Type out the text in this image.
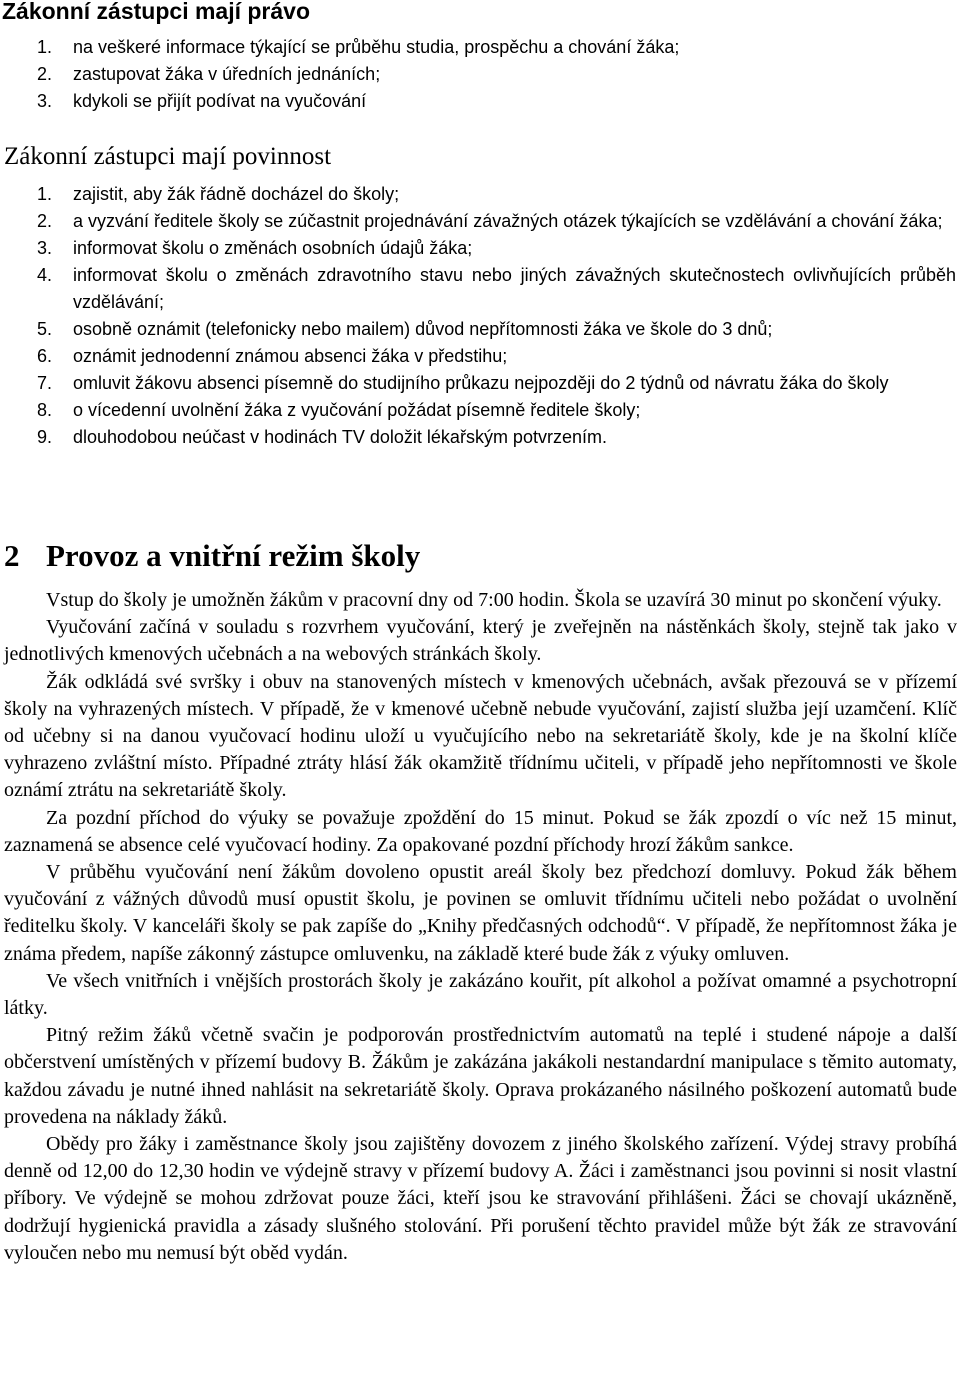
Zákonní zástupci mají právo
1. na veškeré informace týkající se průběhu studia, prospěchu a chování žáka;
2. zastupovat žáka v úředních jednáních;
3. kdykoli se přijít podívat na vyučování
Zákonní zástupci mají povinnost
1. zajistit, aby žák řádně docházel do školy;
2. a vyzvání ředitele školy se zúčastnit projednávání závažných otázek týkajících se vzdělávání a chování žáka;
3. informovat školu o změnách osobních údajů žáka;
4. informovat školu o změnách zdravotního stavu nebo jiných závažných skutečnostech ovlivňujících průběh vzdělávání;
5. osobně oznámit (telefonicky nebo mailem) důvod nepřítomnosti žáka ve škole do 3 dnů;
6. oznámit jednodenní známou absenci žáka v předstihu;
7. omluvit žákovu absenci písemně do studijního průkazu nejpozději do 2 týdnů od návratu žáka do školy
8. o vícedenní uvolnění žáka z vyučování požádat písemně ředitele školy;
9. dlouhodobou neúčast v hodinách TV doložit lékařským potvrzením.
2 Provoz a vnitřní režim školy

Vstup do školy je umožněn žákům v pracovní dny od 7:00 hodin. Škola se uzavírá 30 minut po skončení výuky.

Vyučování začíná v souladu s rozvrhem vyučování, který je zveřejněn na nástěnkách školy, stejně tak jako v jednotlivých kmenových učebnách a na webových stránkách školy.

Žák odkládá své svršky i obuv na stanovených místech v kmenových učebnách, avšak přezouvá se v přízemí školy na vyhrazených místech. V případě, že v kmenové učebně nebude vyučování, zajistí služba její uzamčení. Klíč od učebny si na danou vyučovací hodinu uloží u vyučujícího nebo na sekretariátě školy, kde je na školní klíče vyhrazeno zvláštní místo. Případné ztráty hlásí žák okamžitě třídnímu učiteli, v případě jeho nepřítomnosti ve škole oznámí ztrátu na sekretariátě školy.

Za pozdní příchod do výuky se považuje zpoždění do 15 minut. Pokud se žák zpozdí o víc než 15 minut, zaznamená se absence celé vyučovací hodiny. Za opakované pozdní příchody hrozí žákům sankce.

V průběhu vyučování není žákům dovoleno opustit areál školy bez předchozí domluvy. Pokud žák během vyučování z vážných důvodů musí opustit školu, je povinen se omluvit třídnímu učiteli nebo požádat o uvolnění ředitelku školy. V kanceláři školy se pak zapíše do „Knihy předčasných odchodů“. V případě, že nepřítomnost žáka je známa předem, napíše zákonný zástupce omluvenku, na základě které bude žák z výuky omluven.

Ve všech vnitřních i vnějších prostorách školy je zakázáno kouřit, pít alkohol a požívat omamné a psychotropní látky.

Pitný režim žáků včetně svačin je podporován prostřednictvím automatů na teplé i studené nápoje a další občerstvení umístěných v přízemí budovy B. Žákům je zakázána jakákoli nestandardní manipulace s těmito automaty, každou závadu je nutné ihned nahlásit na sekretariátě školy. Oprava prokázaného násilného poškození automatů bude provedena na náklady žáků.

Obědy pro žáky i zaměstnance školy jsou zajištěny dovozem z jiného školského zařízení. Výdej stravy probíhá denně od 12,00 do 12,30 hodin ve výdejně stravy v přízemí budovy A. Žáci i zaměstnanci jsou povinni si nosit vlastní příbory. Ve výdejně se mohou zdržovat pouze žáci, kteří jsou ke stravování přihlášeni. Žáci se chovají ukázněně, dodržují hygienická pravidla a zásady slušného stolování. Při porušení těchto pravidel může být žák ze stravování vyloučen nebo mu nemusí být oběd vydán.
